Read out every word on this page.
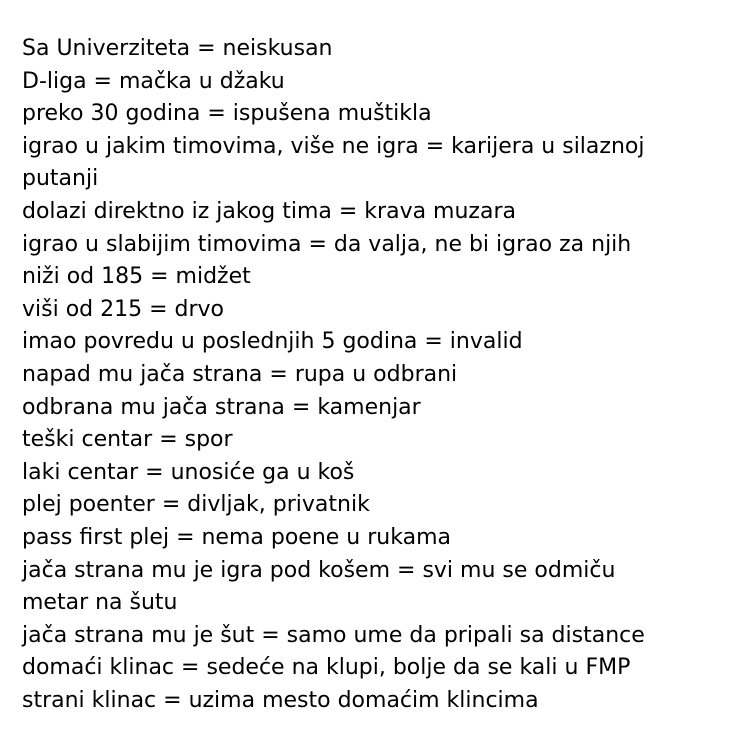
Sa Univerziteta = neiskusan

D-liga = mačka u džaku

preko 30 godina = ispušena muštikla

igrao u jakim timovima, više ne igra = karijera u silaznoj

putanji

dolazi direktno iz jakog tima = krava muzara

igrao u slabijim timovima = da valja, ne bi igrao za njih

niži od 185 = midžet

viši od 215 = drvo

imao povredu u poslednjih 5 godina = invalid

napad mu jača strana = rupa u odbrani

odbrana mu jača strana = kamenjar

teški centar = spor

laki centar = unosiće ga u koš

plej poenter = divljak, privatnik

pass first plej = nema poene u rukama

jača strana mu je igra pod košem = svi mu se odmiču

metar na šutu

jača strana mu je šut = samo ume da pripali sa distance

domaći klinac = sedeće na klupi, bolje da se kali u FMP

strani klinac = uzima mesto domaćim klincima
